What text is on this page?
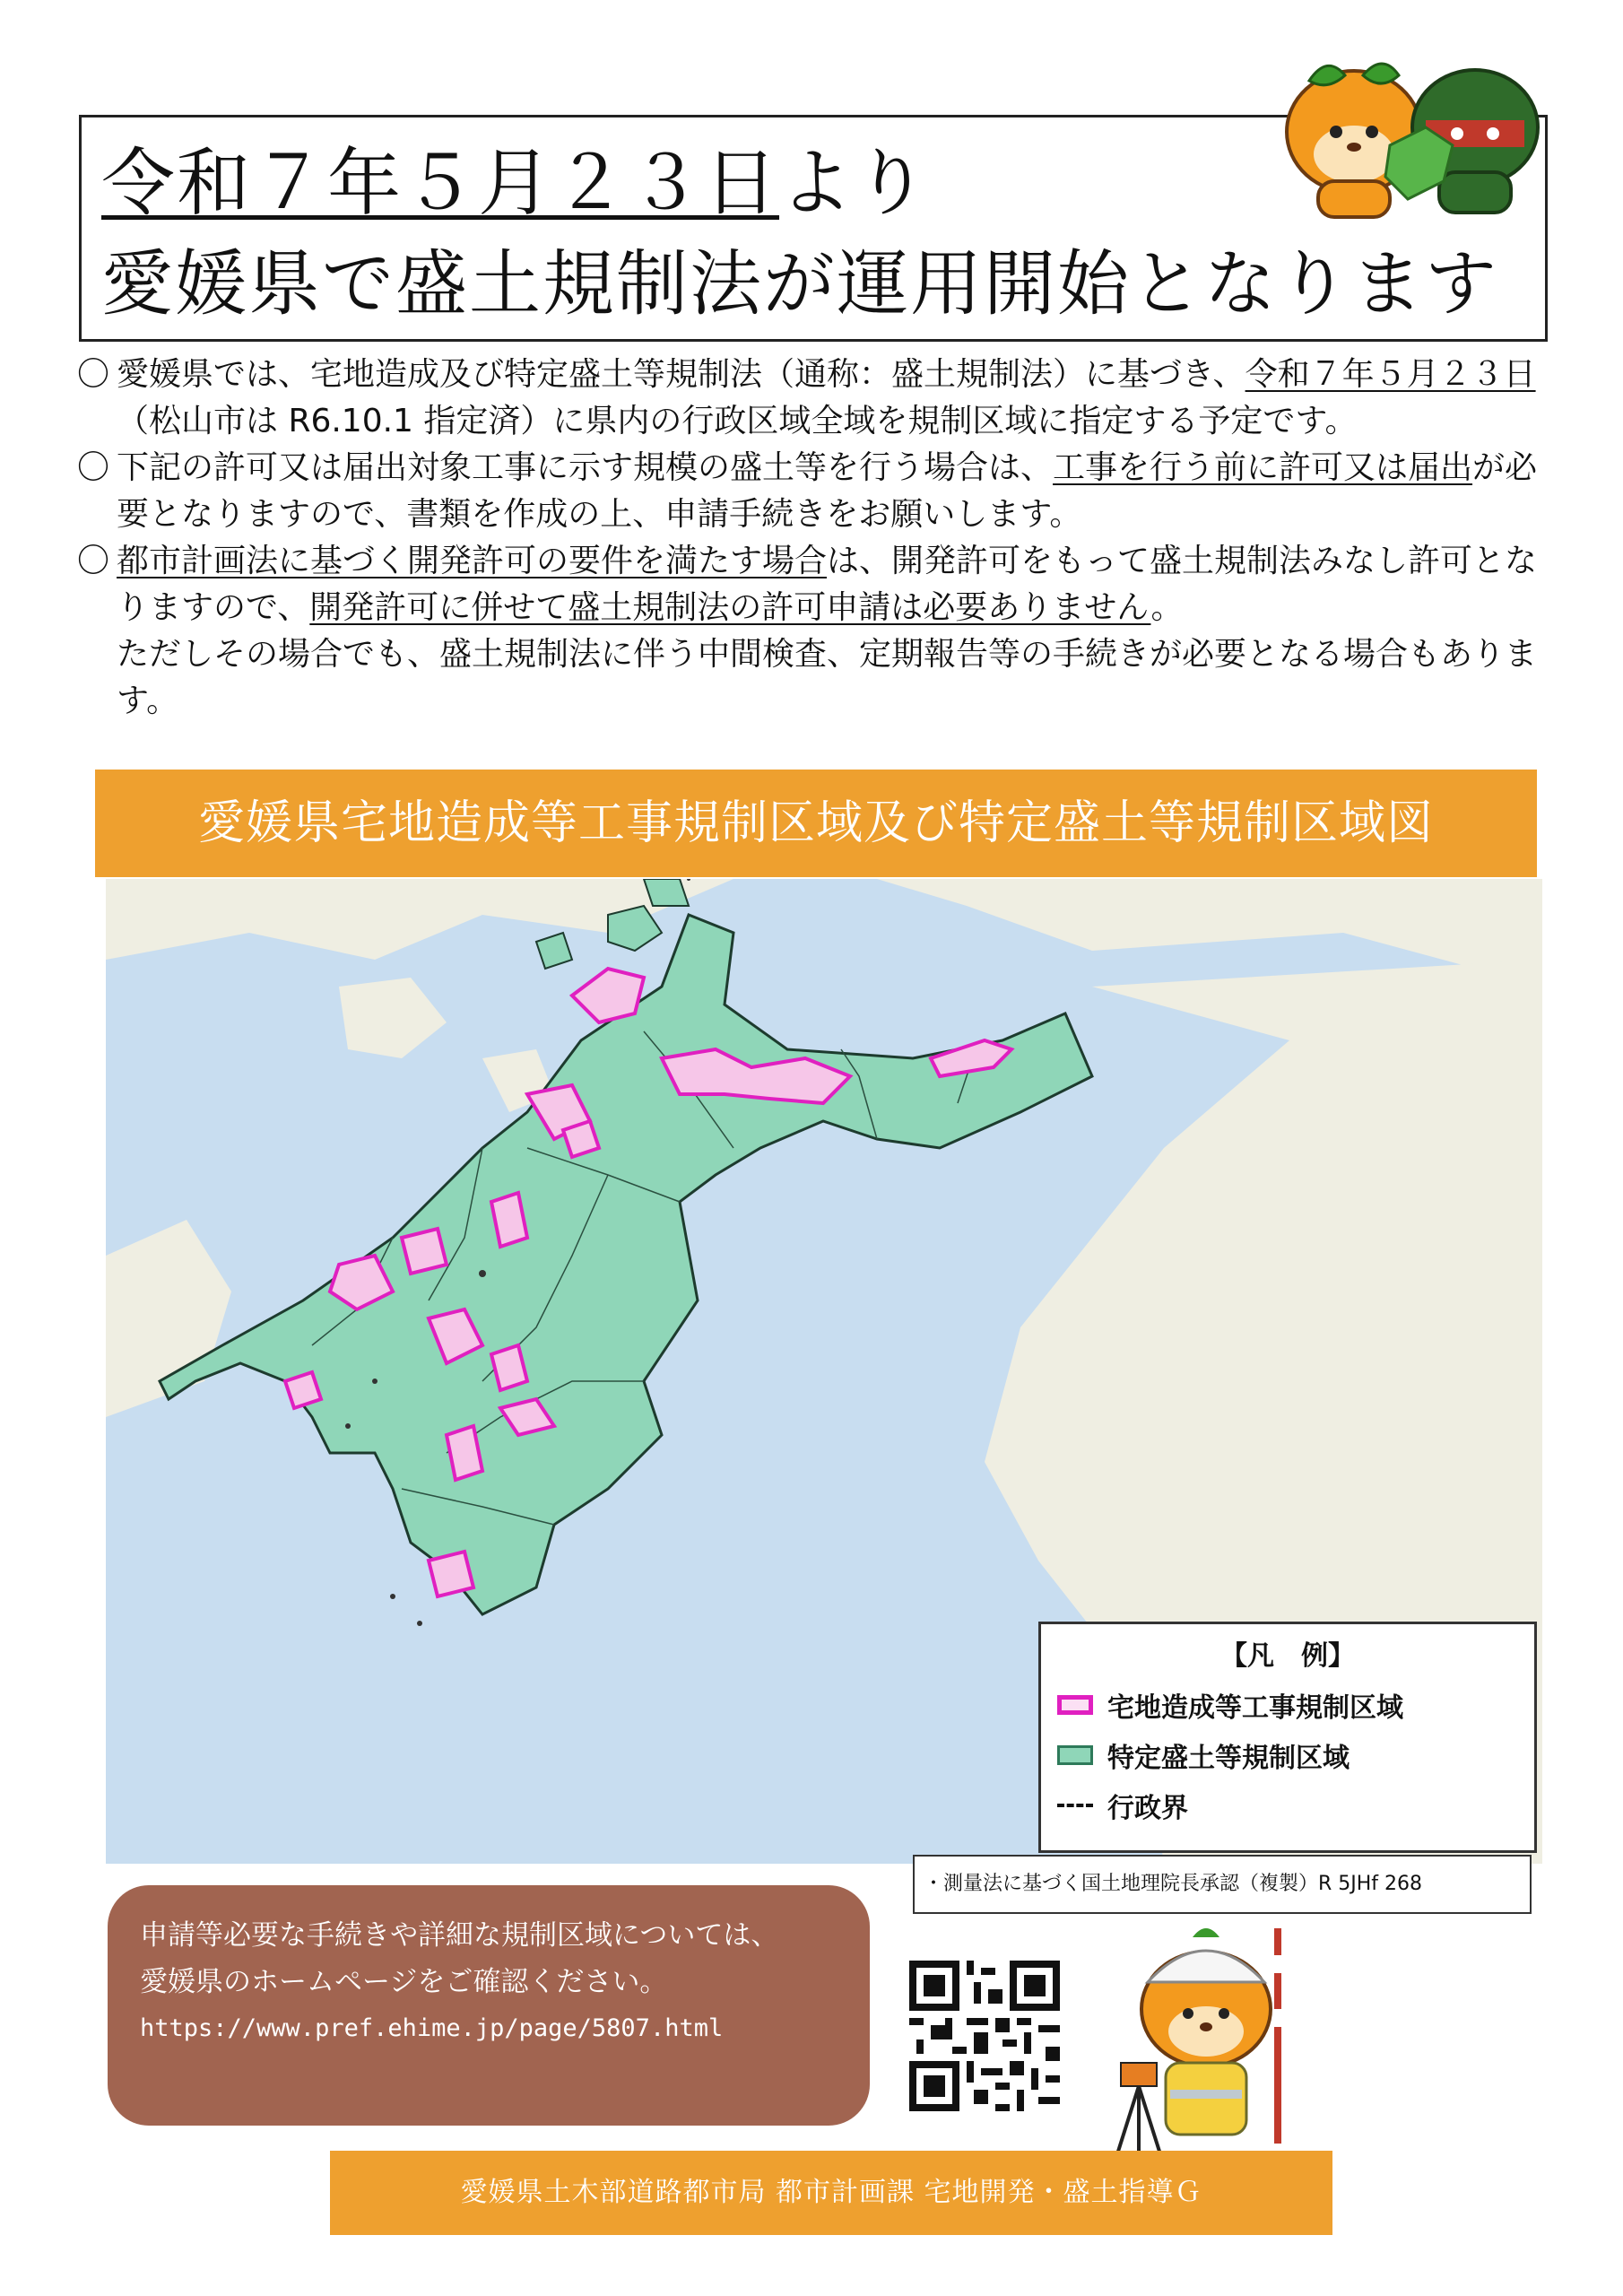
令和７年５月２３日より
愛媛県で盛土規制法が運用開始となります
〇 愛媛県では、宅地造成及び特定盛土等規制法（通称：盛土規制法）に基づき、令和７年５月２３日（松山市は R6.10.1 指定済）に県内の行政区域全域を規制区域に指定する予定です。
〇 下記の許可又は届出対象工事に示す規模の盛土等を行う場合は、工事を行う前に許可又は届出が必要となりますので、書類を作成の上、申請手続きをお願いします。
〇 都市計画法に基づく開発許可の要件を満たす場合は、開発許可をもって盛土規制法みなし許可となりますので、開発許可に併せて盛土規制法の許可申請は必要ありません。
ただしその場合でも、盛土規制法に伴う中間検査、定期報告等の手続きが必要となる場合もあります。
愛媛県宅地造成等工事規制区域及び特定盛土等規制区域図
【凡　例】
宅地造成等工事規制区域
特定盛土等規制区域
行政界
・測量法に基づく国土地理院長承認（複製）R 5JHf 268
申請等必要な手続きや詳細な規制区域については、
愛媛県のホームページをご確認ください。
https://www.pref.ehime.jp/page/5807.html
愛媛県土木部道路都市局 都市計画課 宅地開発・盛土指導Ｇ
